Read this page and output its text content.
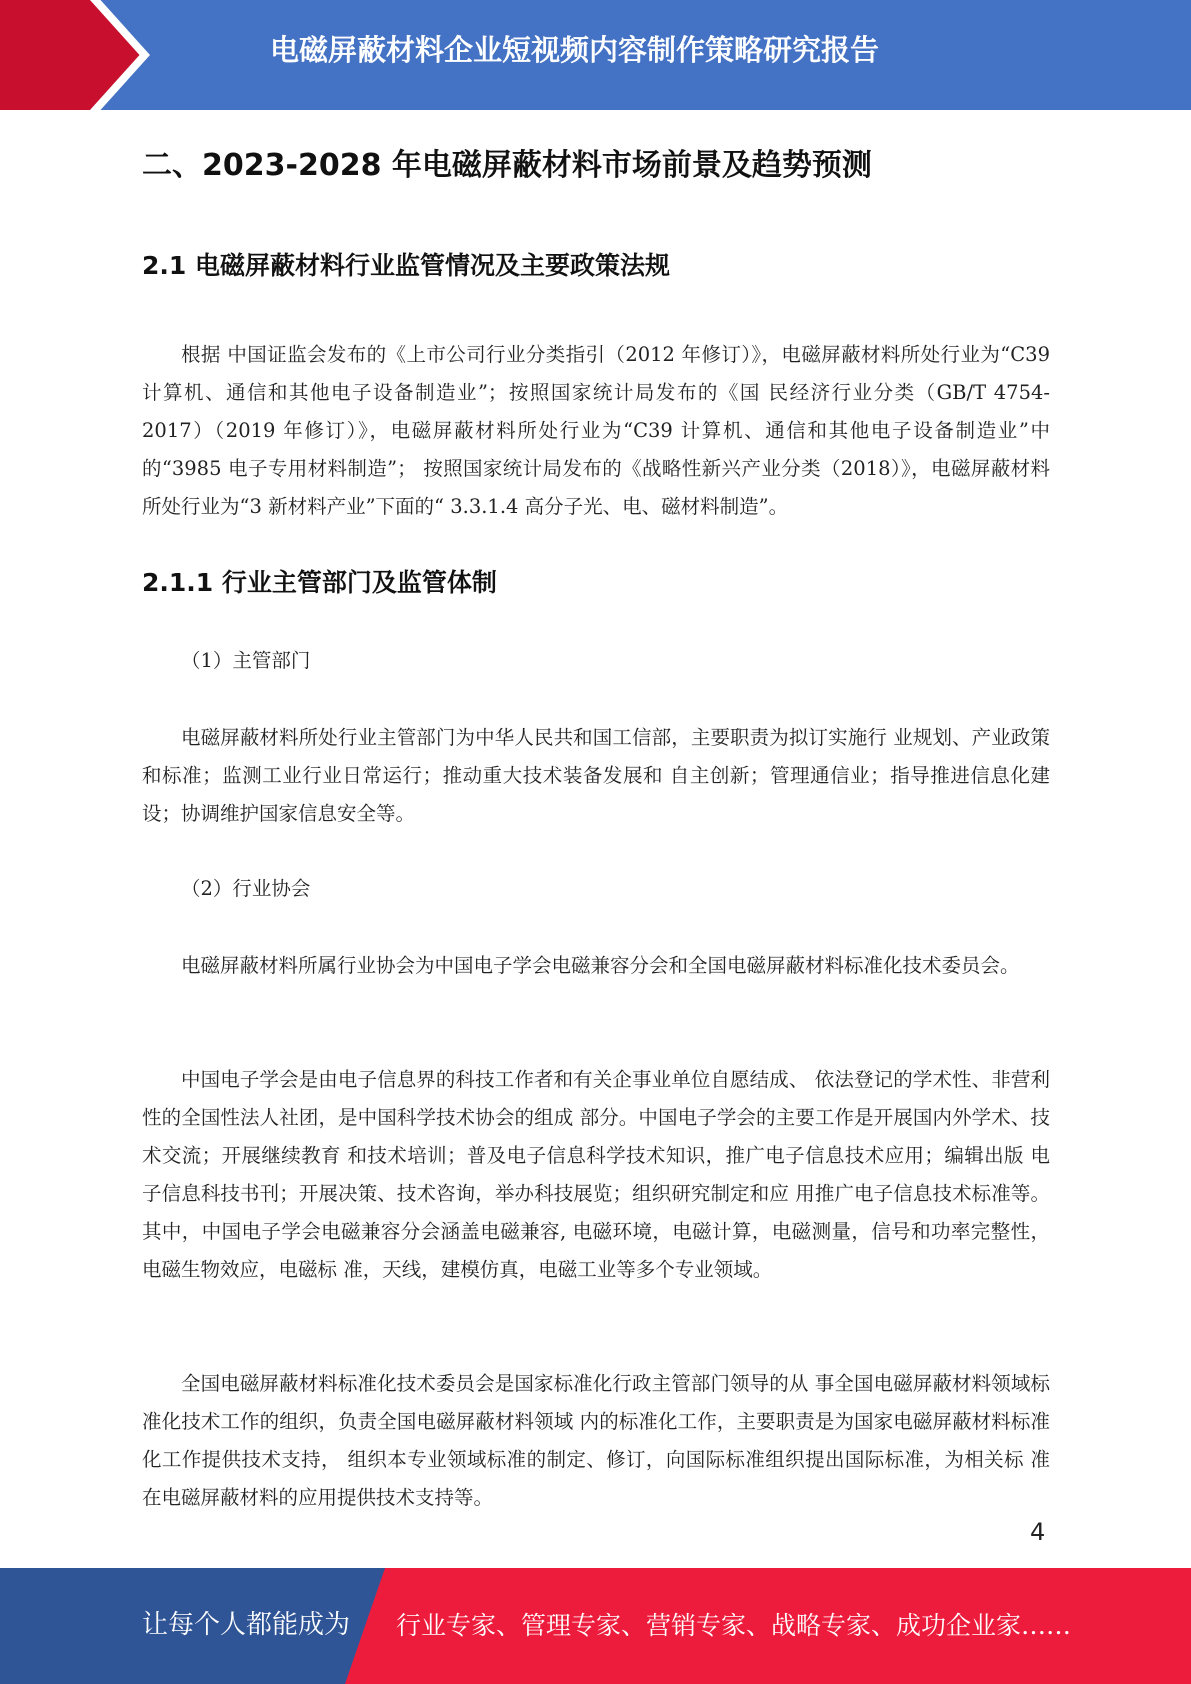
电磁屏蔽材料企业短视频内容制作策略研究报告
二、2023-2028 年电磁屏蔽材料市场前景及趋势预测
2.1 电磁屏蔽材料行业监管情况及主要政策法规

根据 中国证监会发布的《上市公司行业分类指引（2012 年修订）》，电磁屏蔽材料所处行业为“C39 计算机、通信和其他电子设备制造业”；按照国家统计局发布的《国 民经济行业分类（GB/T 4754-2017）（2019 年修订）》，电磁屏蔽材料所处行业为“C39 计算机、通信和其他电子设备制造业”中的“3985 电子专用材料制造”； 按照国家统计局发布的《战略性新兴产业分类（2018）》，电磁屏蔽材料所处行业为“3 新材料产业”下面的“ 3.3.1.4 高分子光、电、磁材料制造”。

2.1.1 行业主管部门及监管体制

（1）主管部门

电磁屏蔽材料所处行业主管部门为中华人民共和国工信部，主要职责为拟订实施行 业规划、产业政策和标准；监测工业行业日常运行；推动重大技术装备发展和 自主创新；管理通信业；指导推进信息化建设；协调维护国家信息安全等。

（2）行业协会

电磁屏蔽材料所属行业协会为中国电子学会电磁兼容分会和全国电磁屏蔽材料标准化技术委员会。

中国电子学会是由电子信息界的科技工作者和有关企事业单位自愿结成、 依法登记的学术性、非营利性的全国性法人社团，是中国科学技术协会的组成 部分。中国电子学会的主要工作是开展国内外学术、技术交流；开展继续教育 和技术培训；普及电子信息科学技术知识，推广电子信息技术应用；编辑出版 电子信息科技书刊；开展决策、技术咨询，举办科技展览；组织研究制定和应 用推广电子信息技术标准等。其中，中国电子学会电磁兼容分会涵盖电磁兼容, 电磁环境，电磁计算，电磁测量，信号和功率完整性，电磁生物效应，电磁标 准，天线，建模仿真，电磁工业等多个专业领域。

全国电磁屏蔽材料标准化技术委员会是国家标准化行政主管部门领导的从 事全国电磁屏蔽材料领域标准化技术工作的组织，负责全国电磁屏蔽材料领域 内的标准化工作，主要职责是为国家电磁屏蔽材料标准化工作提供技术支持， 组织本专业领域标准的制定、修订，向国际标准组织提出国际标准，为相关标 准在电磁屏蔽材料的应用提供技术支持等。

4
让每个人都能成为 行业专家、管理专家、营销专家、战略专家、成功企业家……
